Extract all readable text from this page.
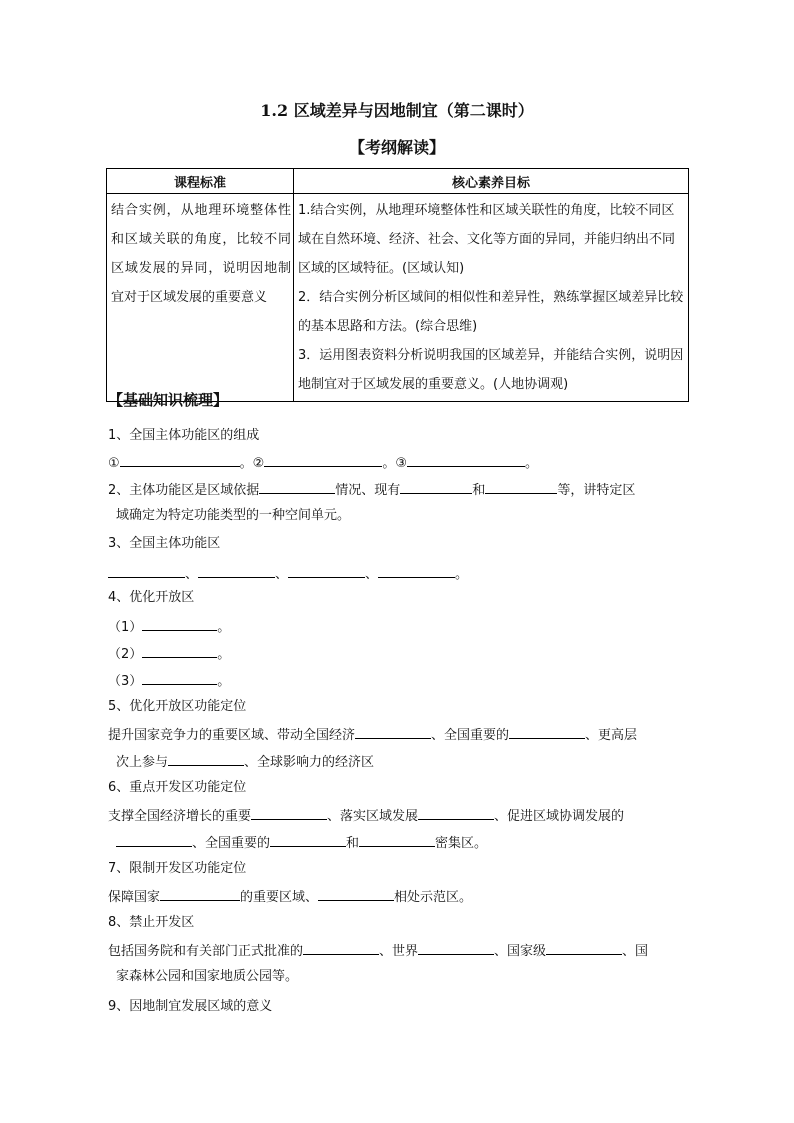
1.2 区域差异与因地制宜（第二课时）
【考纲解读】
课程标准	核心素养目标
结合实例，从地理环境整体性和区域关联的角度，比较不同区域发展的异同，说明因地制宜对于区域发展的重要意义	1.结合实例，从地理环境整体性和区域关联性的角度，比较不同区域在自然环境、经济、社会、文化等方面的异同，并能归纳出不同区域的区域特征。(区域认知)
2．结合实例分析区域间的相似性和差异性，熟练掌握区域差异比较的基本思路和方法。(综合思维)
3．运用图表资料分析说明我国的区域差异，并能结合实例，说明因地制宜对于区域发展的重要意义。(人地协调观)
【基础知识梳理】
1、全国主体功能区的组成
①	。②	。③	。
2、主体功能区是区域依据	情况、现有	和	等，讲特定区
域确定为特定功能类型的一种空间单元。
3、全国主体功能区
、	、	、	。
4、优化开放区
（1）	。
（2）	。
（3）	。
5、优化开放区功能定位
提升国家竞争力的重要区域、带动全国经济	、全国重要的	、更高层
次上参与	、全球影响力的经济区
6、重点开发区功能定位
支撑全国经济增长的重要	、落实区域发展	、促进区域协调发展的
、全国重要的	和	密集区。
7、限制开发区功能定位
保障国家	的重要区域、	相处示范区。
8、禁止开发区
包括国务院和有关部门正式批准的	、世界	、国家级	、国
家森林公园和国家地质公园等。
9、因地制宜发展区域的意义
